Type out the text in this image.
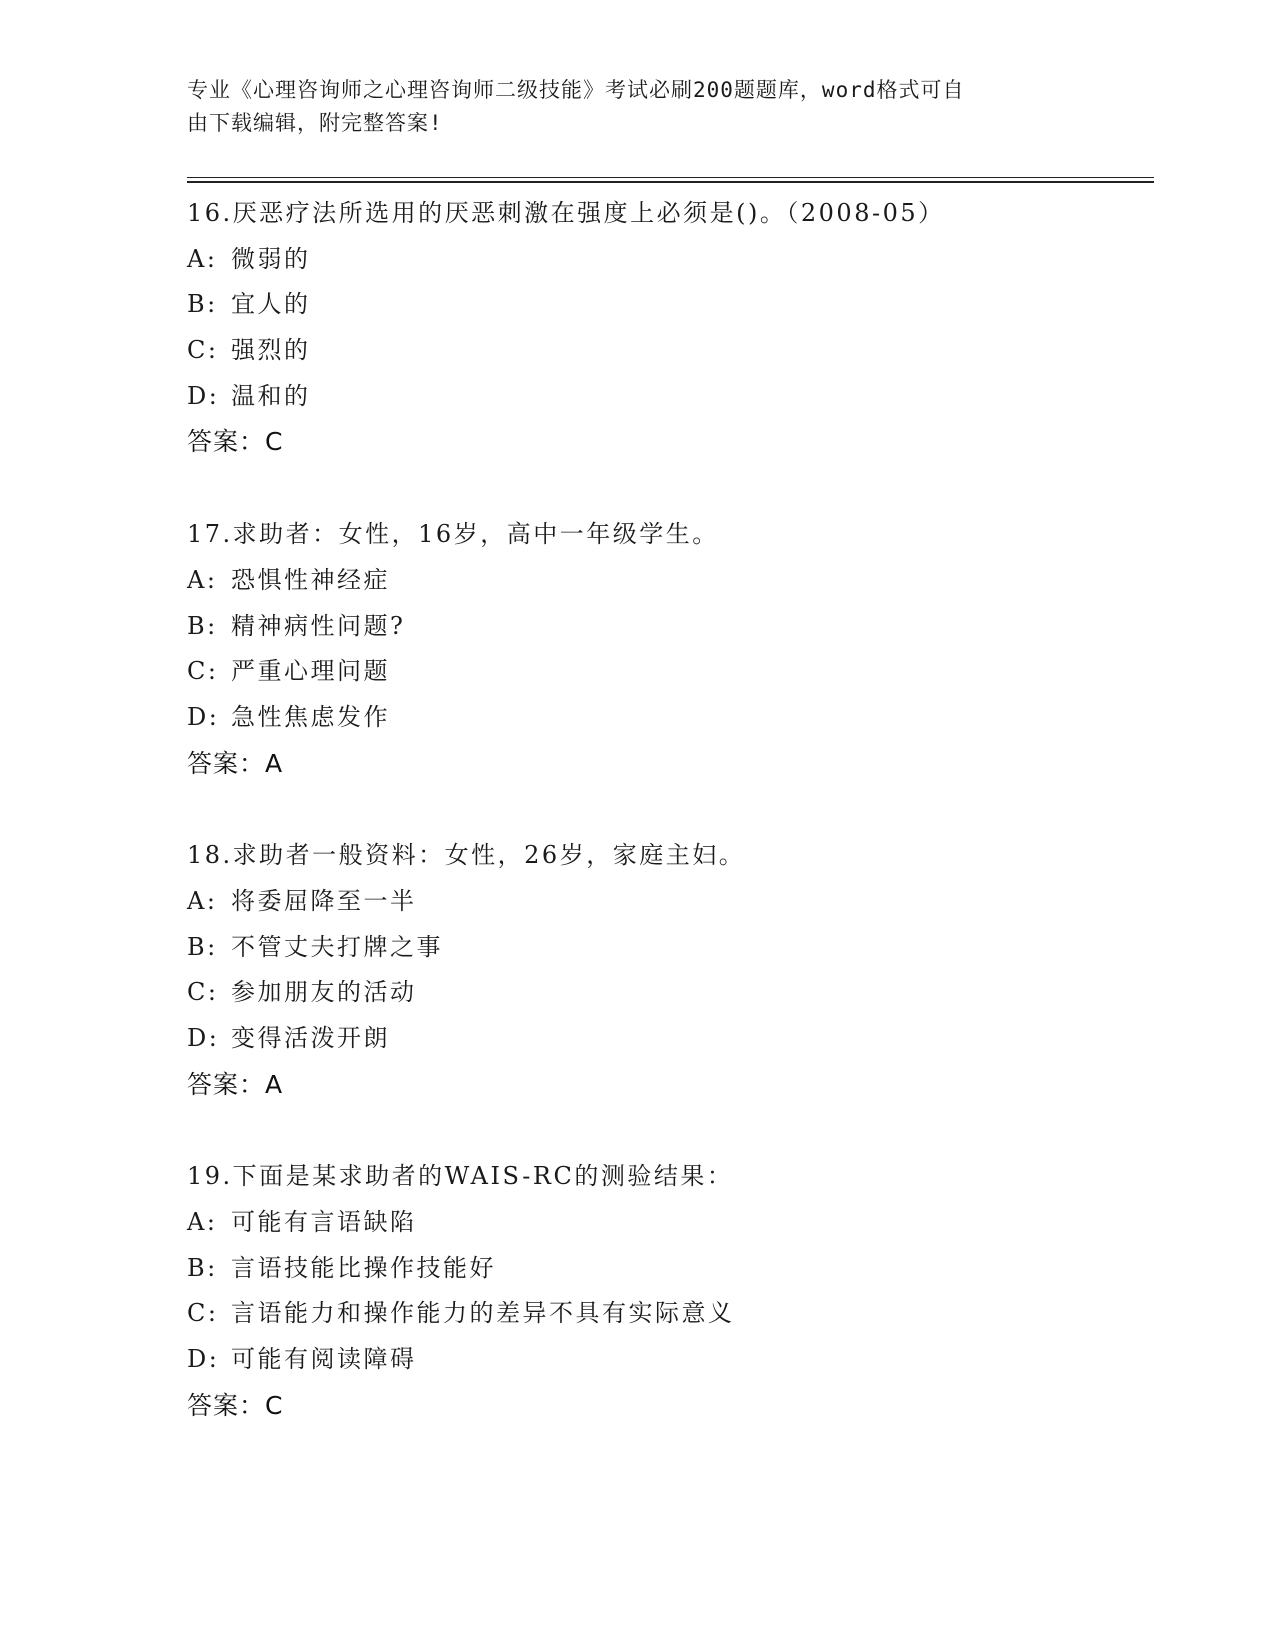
专业《心理咨询师之心理咨询师二级技能》考试必刷200题题库，word格式可自
由下载编辑，附完整答案!
16.厌恶疗法所选用的厌恶刺激在强度上必须是()。（2008-05）
A: 微弱的
B: 宜人的
C: 强烈的
D: 温和的
答案：C
17.求助者：女性，16岁，高中一年级学生。
A: 恐惧性神经症
B: 精神病性问题?
C: 严重心理问题
D: 急性焦虑发作
答案：A
18.求助者一般资料：女性，26岁，家庭主妇。
A: 将委屈降至一半
B: 不管丈夫打牌之事
C: 参加朋友的活动
D: 变得活泼开朗
答案：A
19.下面是某求助者的WAIS-RC的测验结果：
A: 可能有言语缺陷
B: 言语技能比操作技能好
C: 言语能力和操作能力的差异不具有实际意义
D: 可能有阅读障碍
答案：C
